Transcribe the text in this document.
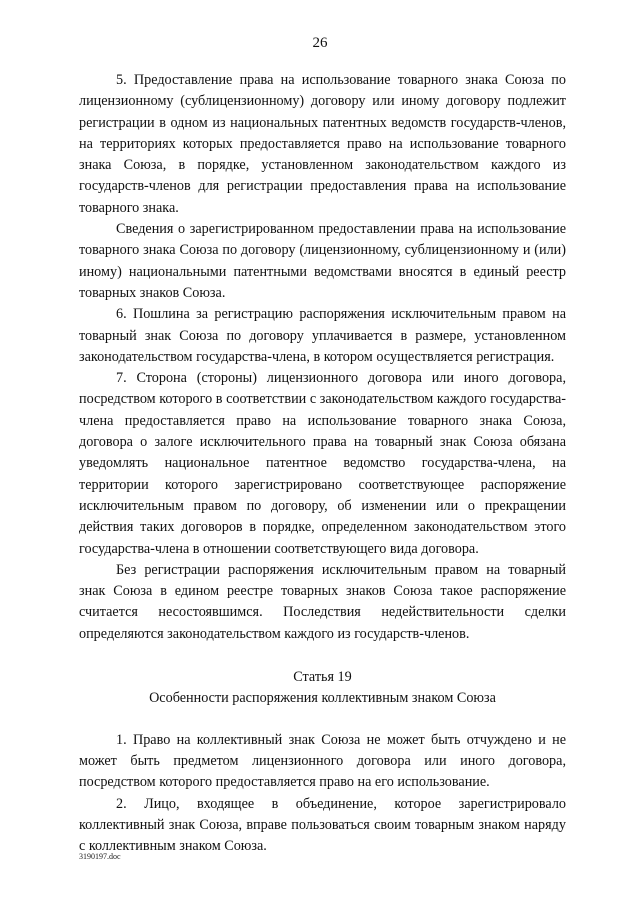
26

5. Предоставление права на использование товарного знака Союза по лицензионному (сублицензионному) договору или иному договору подлежит регистрации в одном из национальных патентных ведомств государств-членов, на территориях которых предоставляется право на использование товарного знака Союза, в порядке, установленном законодательством каждого из государств-членов для регистрации предоставления права на использование товарного знака.

Сведения о зарегистрированном предоставлении права на использование товарного знака Союза по договору (лицензионному, сублицензионному и (или) иному) национальными патентными ведомствами вносятся в единый реестр товарных знаков Союза.

6. Пошлина за регистрацию распоряжения исключительным правом на товарный знак Союза по договору уплачивается в размере, установленном законодательством государства-члена, в котором осуществляется регистрация.

7. Сторона (стороны) лицензионного договора или иного договора, посредством которого в соответствии с законодательством каждого государства-члена предоставляется право на использование товарного знака Союза, договора о залоге исключительного права на товарный знак Союза обязана уведомлять национальное патентное ведомство государства-члена, на территории которого зарегистрировано соответствующее распоряжение исключительным правом по договору, об изменении или о прекращении действия таких договоров в порядке, определенном законодательством этого государства-члена в отношении соответствующего вида договора.

Без регистрации распоряжения исключительным правом на товарный знак Союза в едином реестре товарных знаков Союза такое распоряжение считается несостоявшимся. Последствия недействительности сделки определяются законодательством каждого из государств-членов.

Статья 19
Особенности распоряжения коллективным знаком Союза

1. Право на коллективный знак Союза не может быть отчуждено и не может быть предметом лицензионного договора или иного договора, посредством которого предоставляется право на его использование.

2. Лицо, входящее в объединение, которое зарегистрировало коллективный знак Союза, вправе пользоваться своим товарным знаком наряду с коллективным знаком Союза.

3190197.doc
